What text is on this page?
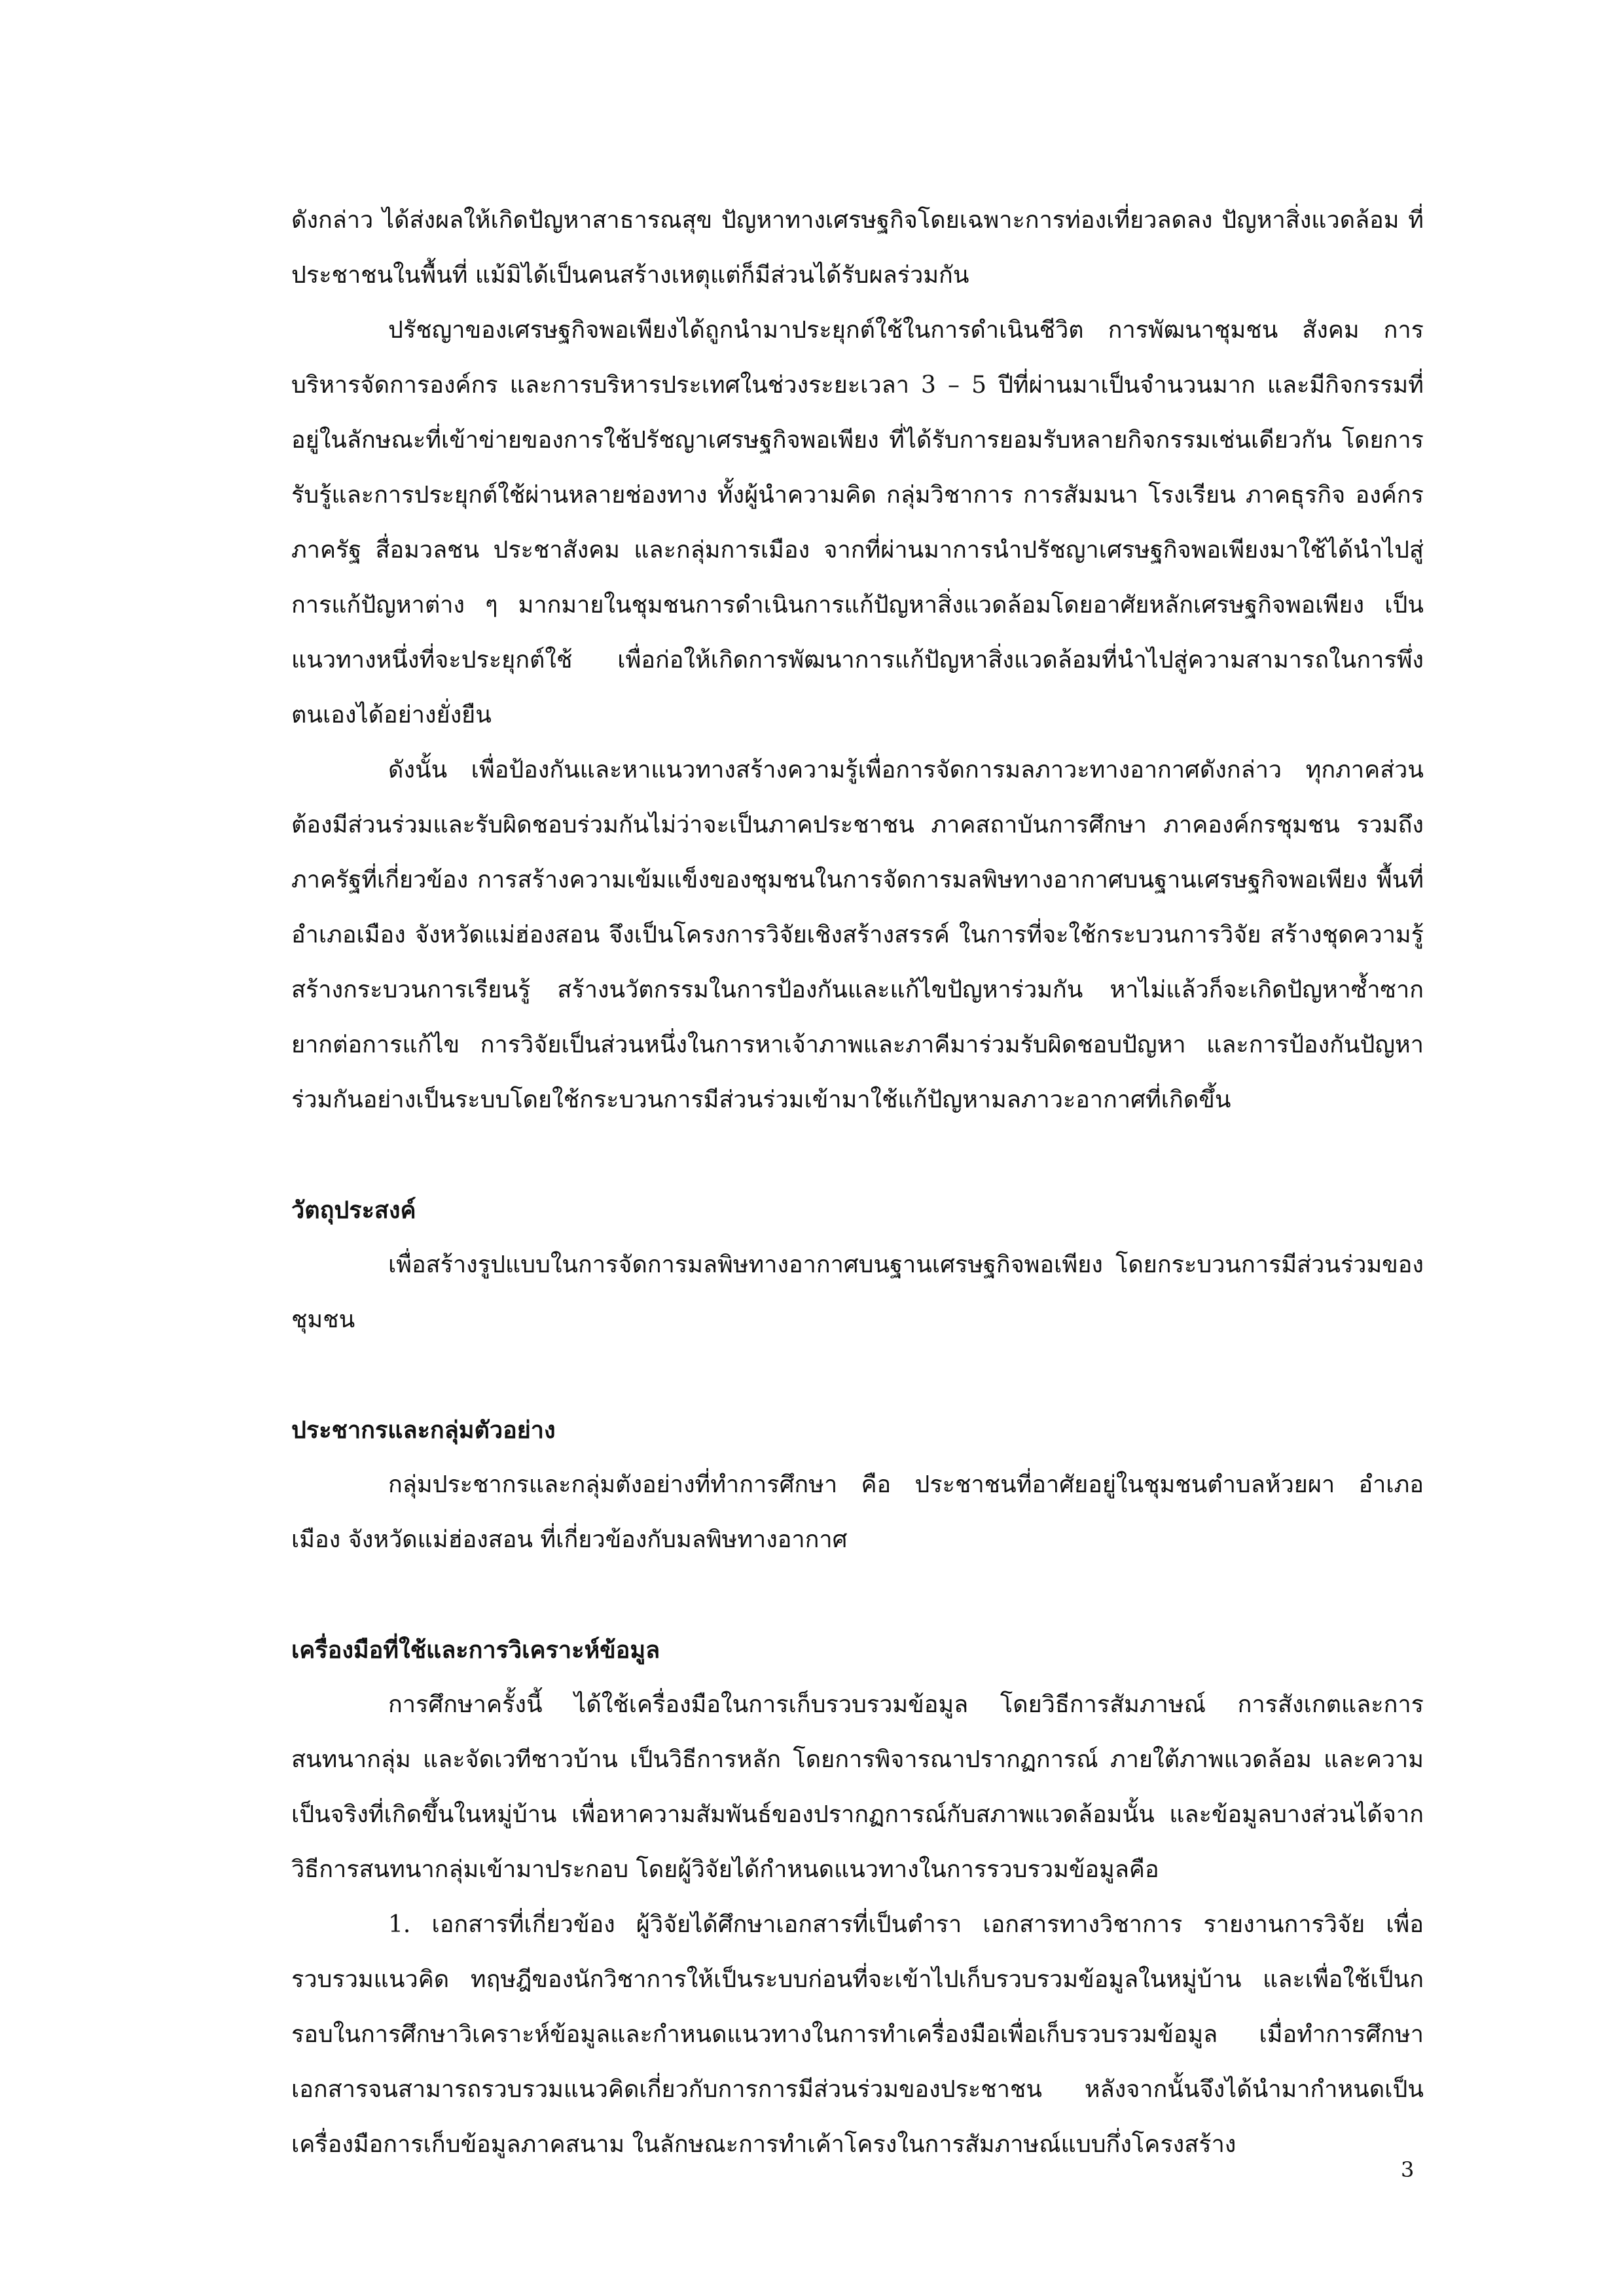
ดังกล่าว ได้ส่งผลให้เกิดปัญหาสาธารณสุข ปัญหาทางเศรษฐกิจโดยเฉพาะการท่องเที่ยวลดลง ปัญหาสิ่งแวดล้อม ที่ประชาชนในพื้นที่ แม้มิได้เป็นคนสร้างเหตุแต่ก็มีส่วนได้รับผลร่วมกัน

ปรัชญาของเศรษฐกิจพอเพียงได้ถูกนำมาประยุกต์ใช้ในการดำเนินชีวิต การพัฒนาชุมชน สังคม การบริหารจัดการองค์กร และการบริหารประเทศในช่วงระยะเวลา 3 – 5 ปีที่ผ่านมาเป็นจำนวนมาก และมีกิจกรรมที่อยู่ในลักษณะที่เข้าข่ายของการใช้ปรัชญาเศรษฐกิจพอเพียง ที่ได้รับการยอมรับหลายกิจกรรมเช่นเดียวกัน โดยการรับรู้และการประยุกต์ใช้ผ่านหลายช่องทาง ทั้งผู้นำความคิด กลุ่มวิชาการ การสัมมนา โรงเรียน ภาคธุรกิจ องค์กรภาครัฐ สื่อมวลชน ประชาสังคม และกลุ่มการเมือง จากที่ผ่านมาการนำปรัชญาเศรษฐกิจพอเพียงมาใช้ได้นำไปสู่การแก้ปัญหาต่าง ๆ มากมายในชุมชนการดำเนินการแก้ปัญหาสิ่งแวดล้อมโดยอาศัยหลักเศรษฐกิจพอเพียง เป็นแนวทางหนึ่งที่จะประยุกต์ใช้ เพื่อก่อให้เกิดการพัฒนาการแก้ปัญหาสิ่งแวดล้อมที่นำไปสู่ความสามารถในการพึ่งตนเองได้อย่างยั่งยืน

ดังนั้น เพื่อป้องกันและหาแนวทางสร้างความรู้เพื่อการจัดการมลภาวะทางอากาศดังกล่าว ทุกภาคส่วนต้องมีส่วนร่วมและรับผิดชอบร่วมกันไม่ว่าจะเป็นภาคประชาชน ภาคสถาบันการศึกษา ภาคองค์กรชุมชน รวมถึงภาครัฐที่เกี่ยวข้อง การสร้างความเข้มแข็งของชุมชนในการจัดการมลพิษทางอากาศบนฐานเศรษฐกิจพอเพียง พื้นที่อำเภอเมือง จังหวัดแม่ฮ่องสอน จึงเป็นโครงการวิจัยเชิงสร้างสรรค์ ในการที่จะใช้กระบวนการวิจัย สร้างชุดความรู้ สร้างกระบวนการเรียนรู้ สร้างนวัตกรรมในการป้องกันและแก้ไขปัญหาร่วมกัน หาไม่แล้วก็จะเกิดปัญหาซ้ำซากยากต่อการแก้ไข การวิจัยเป็นส่วนหนึ่งในการหาเจ้าภาพและภาคีมาร่วมรับผิดชอบปัญหา และการป้องกันปัญหาร่วมกันอย่างเป็นระบบโดยใช้กระบวนการมีส่วนร่วมเข้ามาใช้แก้ปัญหามลภาวะอากาศที่เกิดขึ้น

วัตถุประสงค์

เพื่อสร้างรูปแบบในการจัดการมลพิษทางอากาศบนฐานเศรษฐกิจพอเพียง โดยกระบวนการมีส่วนร่วมของชุมชน

ประชากรและกลุ่มตัวอย่าง

กลุ่มประชากรและกลุ่มตังอย่างที่ทำการศึกษา คือ ประชาชนที่อาศัยอยู่ในชุมชนตำบลห้วยผา อำเภอเมือง จังหวัดแม่ฮ่องสอน ที่เกี่ยวข้องกับมลพิษทางอากาศ

เครื่องมือที่ใช้และการวิเคราะห์ข้อมูล

การศึกษาครั้งนี้ ได้ใช้เครื่องมือในการเก็บรวบรวมข้อมูล โดยวิธีการสัมภาษณ์ การสังเกตและการสนทนากลุ่ม และจัดเวทีชาวบ้าน เป็นวิธีการหลัก โดยการพิจารณาปรากฏการณ์ ภายใต้ภาพแวดล้อม และความเป็นจริงที่เกิดขึ้นในหมู่บ้าน เพื่อหาความสัมพันธ์ของปรากฏการณ์กับสภาพแวดล้อมนั้น และข้อมูลบางส่วนได้จากวิธีการสนทนากลุ่มเข้ามาประกอบ โดยผู้วิจัยได้กำหนดแนวทางในการรวบรวมข้อมูลคือ

1. เอกสารที่เกี่ยวข้อง ผู้วิจัยได้ศึกษาเอกสารที่เป็นตำรา เอกสารทางวิชาการ รายงานการวิจัย เพื่อรวบรวมแนวคิด ทฤษฎีของนักวิชาการให้เป็นระบบก่อนที่จะเข้าไปเก็บรวบรวมข้อมูลในหมู่บ้าน และเพื่อใช้เป็นกรอบในการศึกษาวิเคราะห์ข้อมูลและกำหนดแนวทางในการทำเครื่องมือเพื่อเก็บรวบรวมข้อมูล เมื่อทำการศึกษาเอกสารจนสามารถรวบรวมแนวคิดเกี่ยวกับการการมีส่วนร่วมของประชาชน หลังจากนั้นจึงได้นำมากำหนดเป็นเครื่องมือการเก็บข้อมูลภาคสนาม ในลักษณะการทำเค้าโครงในการสัมภาษณ์แบบกึ่งโครงสร้าง

3
